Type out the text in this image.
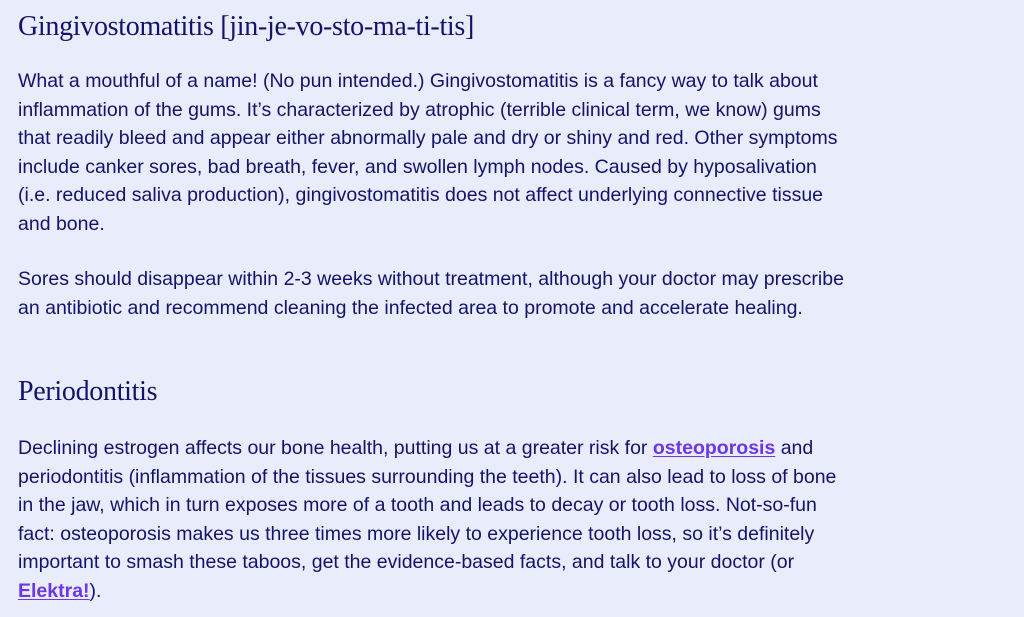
Gingivostomatitis [jin-je-vo-sto-ma-ti-tis]

What a mouthful of a name! (No pun intended.) Gingivostomatitis is a fancy way to talk about inflammation of the gums. It’s characterized by atrophic (terrible clinical term, we know) gums that readily bleed and appear either abnormally pale and dry or shiny and red. Other symptoms include canker sores, bad breath, fever, and swollen lymph nodes. Caused by hyposalivation (i.e. reduced saliva production), gingivostomatitis does not affect underlying connective tissue and bone.

Sores should disappear within 2-3 weeks without treatment, although your doctor may prescribe an antibiotic and recommend cleaning the infected area to promote and accelerate healing.

Periodontitis

Declining estrogen affects our bone health, putting us at a greater risk for osteoporosis and periodontitis (inflammation of the tissues surrounding the teeth). It can also lead to loss of bone in the jaw, which in turn exposes more of a tooth and leads to decay or tooth loss. Not-so-fun fact: osteoporosis makes us three times more likely to experience tooth loss, so it’s definitely important to smash these taboos, get the evidence-based facts, and talk to your doctor (or Elektra!).
